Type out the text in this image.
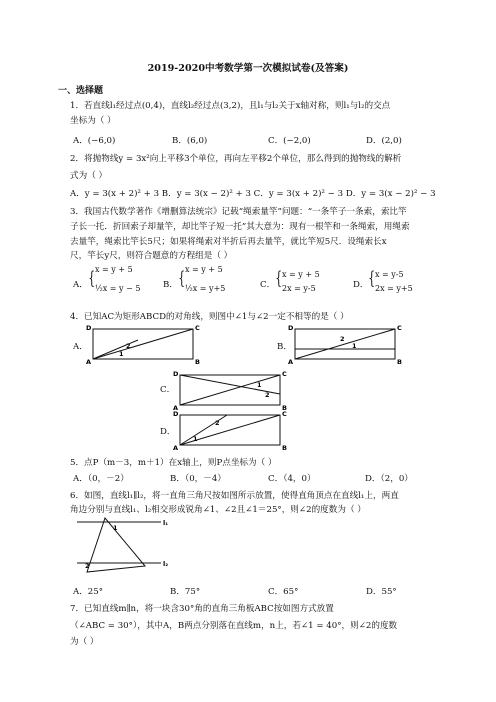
2019-2020中考数学第一次模拟试卷(及答案)
一、选择题
1．若直线l₁经过点(0,4)，直线l₂经过点(3,2)，且l₁与l₂关于x轴对称，则l₁与l₂的交点
坐标为（ ）
A．(−6,0)	B．(6,0)	C．(−2,0)	D．(2,0)
2．将抛物线y = 3x²向上平移3个单位，再向左平移2个单位，那么得到的抛物线的解析
式为（ ）
A．y = 3(x + 2)² + 3 B．y = 3(x − 2)² + 3 C．y = 3(x + 2)² − 3 D．y = 3(x − 2)² − 3
3．我国古代数学著作《增删算法统宗》记载“绳索量竿”问题：“一条竿子一条索，索比竿
子长一托．折回索子却量竿，却比竿子短一托”其大意为：现有一根竿和一条绳索，用绳索
去量竿，绳索比竿长5尺；如果将绳索对半折后再去量竿，就比竿短5尺．设绳索长x
尺，竿长y尺，则符合题意的方程组是（ ）
A． { x = y + 5
½x = y − 5	B． { x = y + 5
½x = y+5	C． { x = y + 5
2x = y-5	D． { x = y-5
2x = y+5
4．已知AC为矩形ABCD的对角线，则图中∠1与∠2一定不相等的是（ ）
A．	B．
C．
D．
D	C
A	B
2
1
D	C
A	B
2
1
D	C
A	B
1
2
D	C
A	B
2
1
5．点P（m－3，m＋1）在x轴上，则P点坐标为（ ）
A．（0，－2）	B．（0，－4）	C．（4，0）	D．（2，0）
6．如图，直线l₁∥l₂，将一直角三角尺按如图所示放置，使得直角顶点在直线l₁上，两直
角边分别与直线l₁、l₂相交形成锐角∠1、∠2且∠1＝25°，则∠2的度数为（ ）
l₁
l₂
1
2
A．25°	B．75°	C．65°	D．55°
7．已知直线m∥n，将一块含30°角的直角三角板ABC按如图方式放置
（∠ABC = 30°），其中A，B两点分别落在直线m，n上，若∠1 = 40°，则∠2的度数
为（ ）
